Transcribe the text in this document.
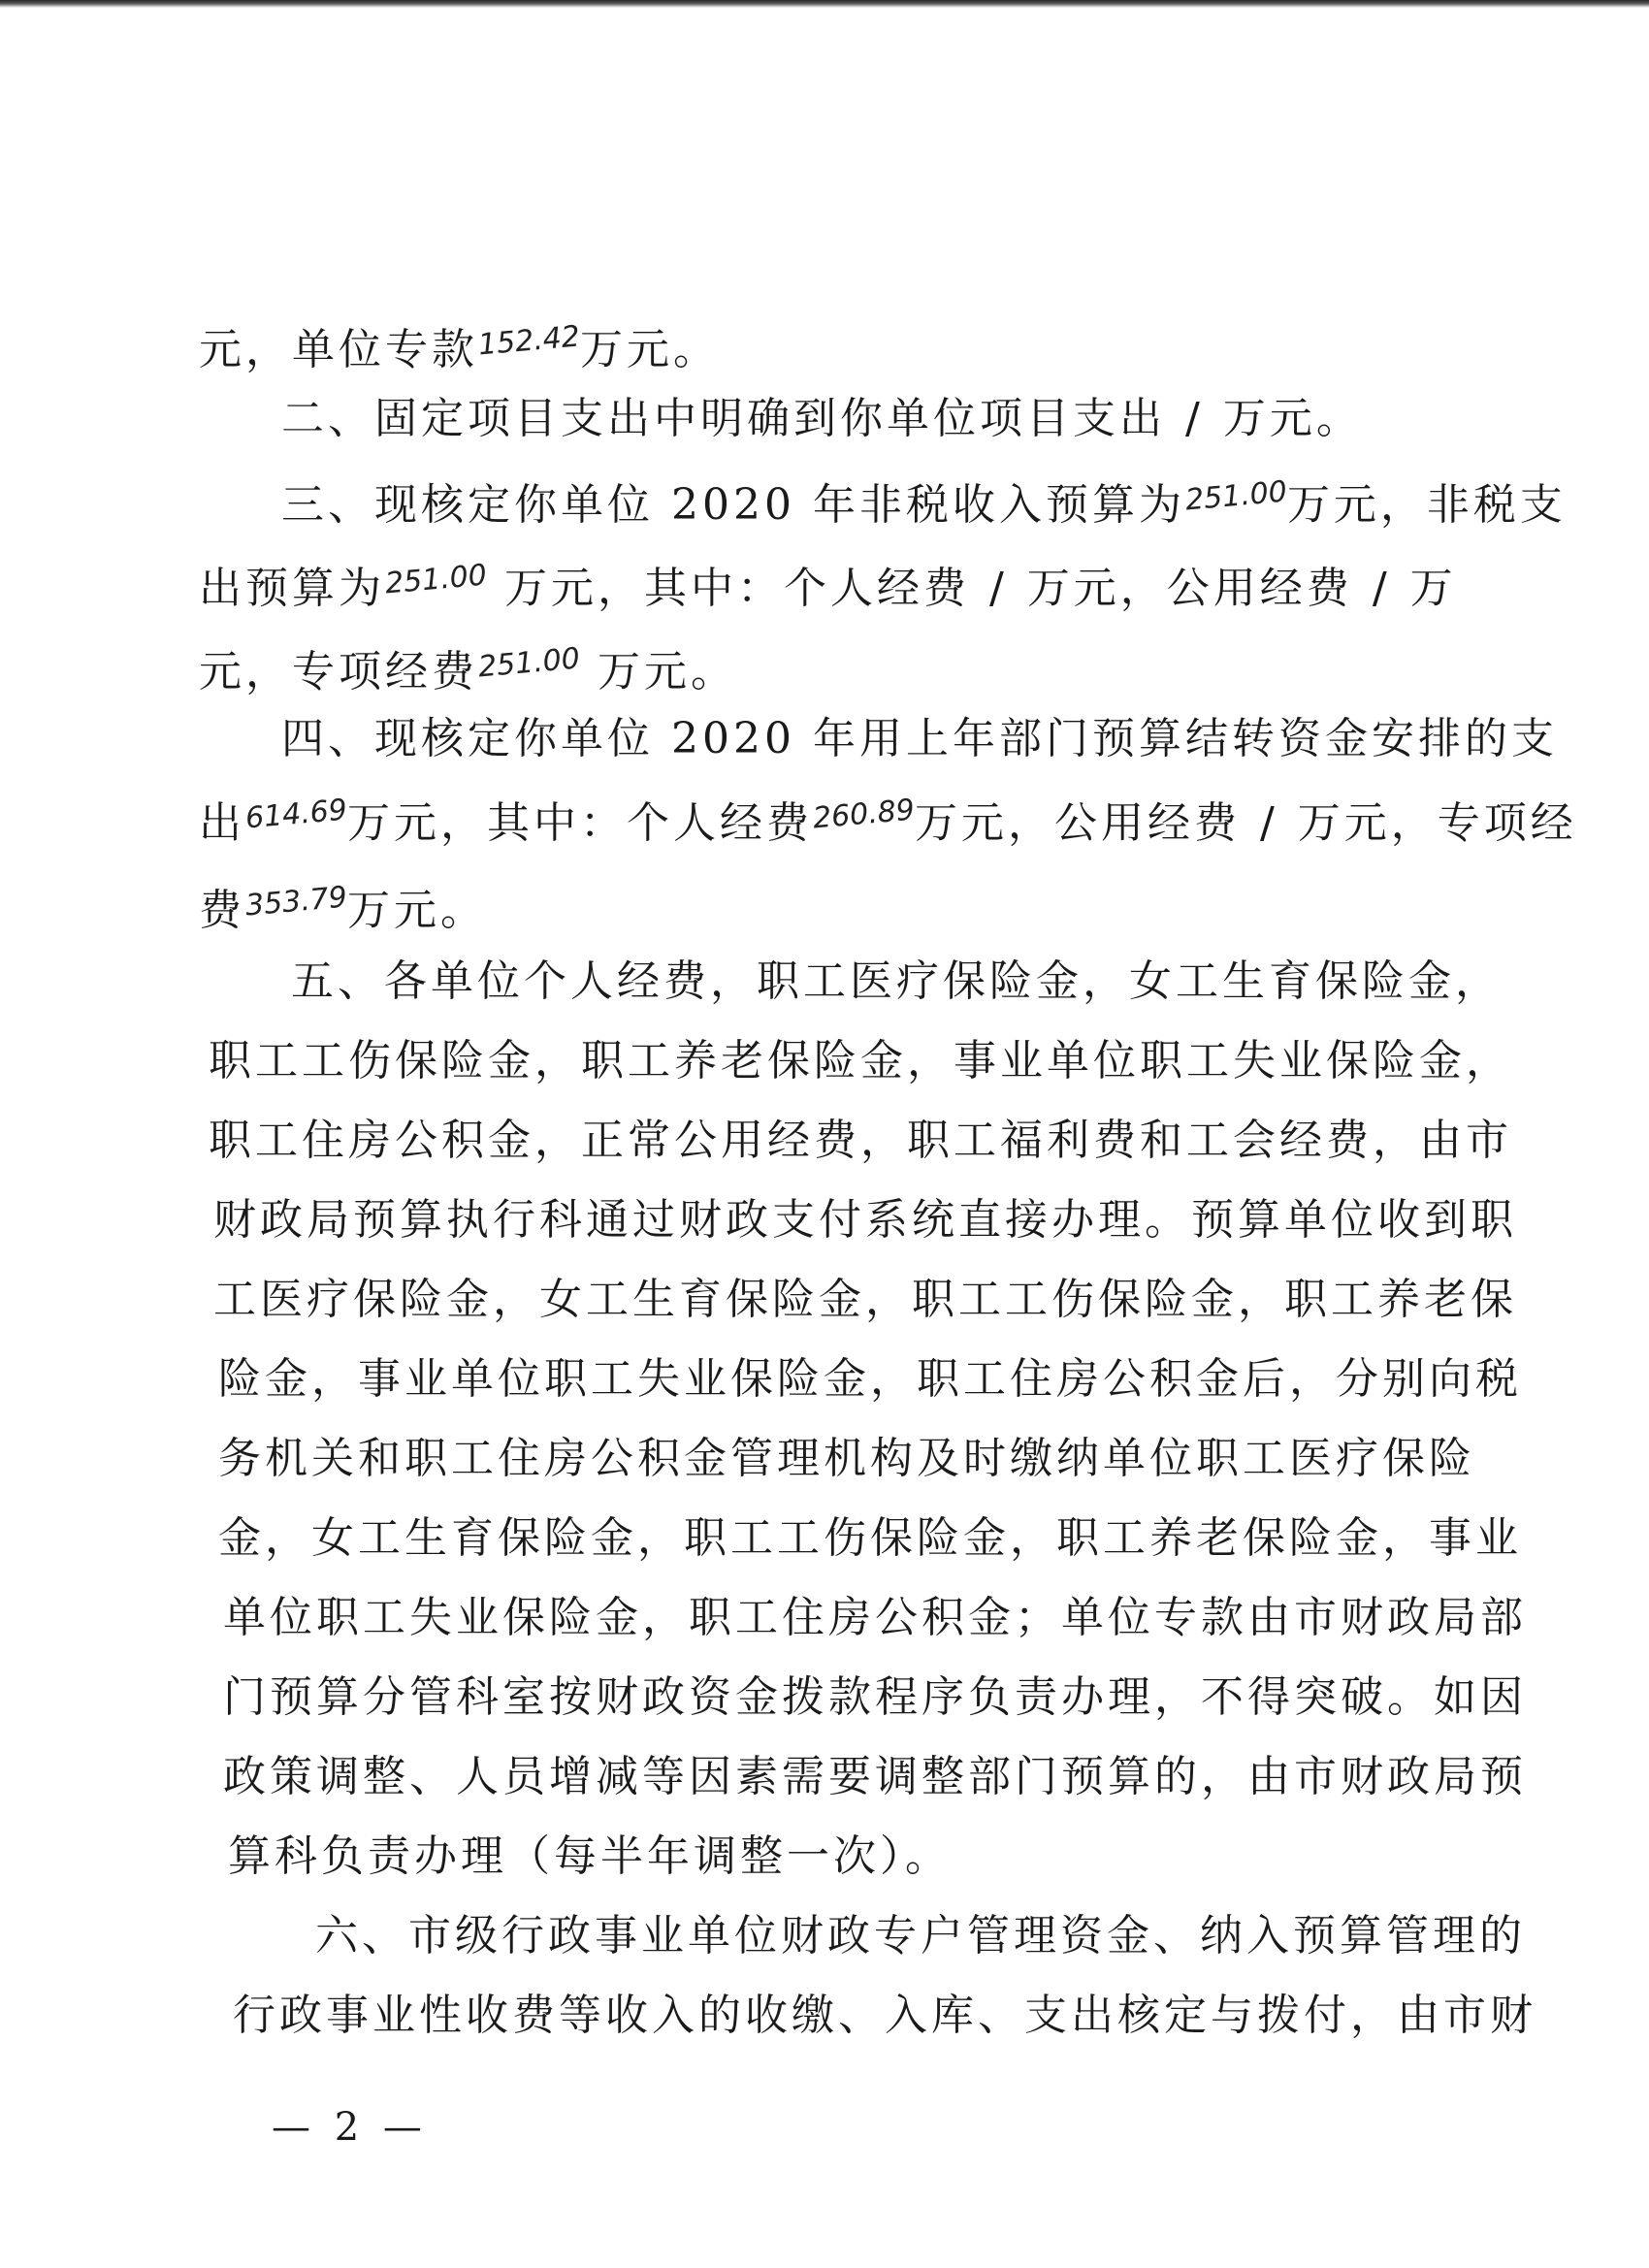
元，单位专款152.42万元。
二、固定项目支出中明确到你单位项目支出 / 万元。
三、现核定你单位 2020 年非税收入预算为251.00万元，非税支
出预算为251.00 万元，其中：个人经费 / 万元，公用经费 / 万
元，专项经费251.00 万元。
四、现核定你单位 2020 年用上年部门预算结转资金安排的支
出614.69万元，其中：个人经费260.89万元，公用经费 / 万元，专项经
费353.79万元。
五、各单位个人经费，职工医疗保险金，女工生育保险金，
职工工伤保险金，职工养老保险金，事业单位职工失业保险金，
职工住房公积金，正常公用经费，职工福利费和工会经费，由市
财政局预算执行科通过财政支付系统直接办理。预算单位收到职
工医疗保险金，女工生育保险金，职工工伤保险金，职工养老保
险金，事业单位职工失业保险金，职工住房公积金后，分别向税
务机关和职工住房公积金管理机构及时缴纳单位职工医疗保险
金，女工生育保险金，职工工伤保险金，职工养老保险金，事业
单位职工失业保险金，职工住房公积金；单位专款由市财政局部
门预算分管科室按财政资金拨款程序负责办理，不得突破。如因
政策调整、人员增减等因素需要调整部门预算的，由市财政局预
算科负责办理（每半年调整一次）。
六、市级行政事业单位财政专户管理资金、纳入预算管理的
行政事业性收费等收入的收缴、入库、支出核定与拨付，由市财
— 2 —
